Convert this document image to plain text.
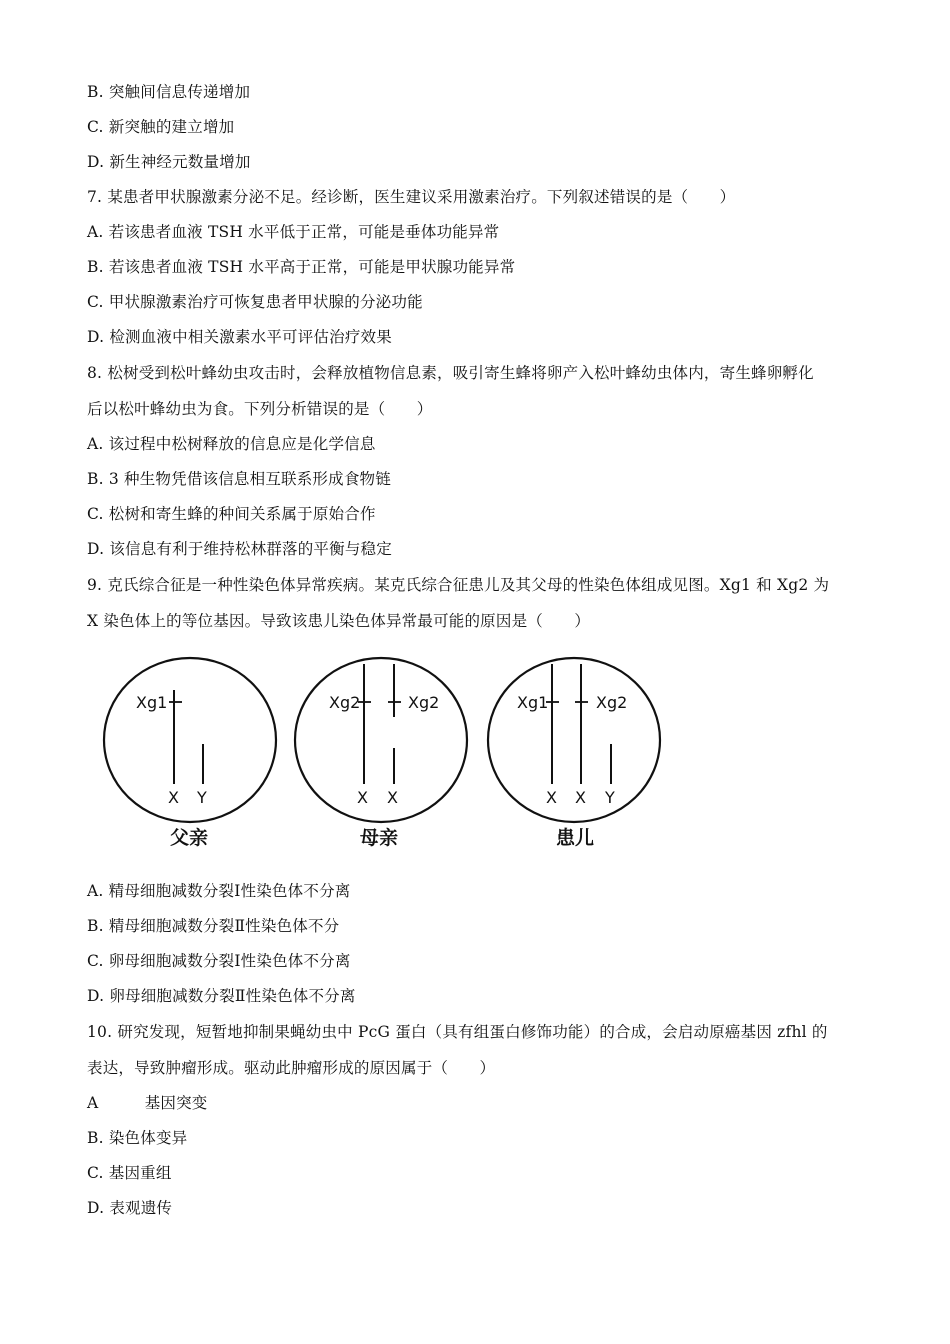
B. 突触间信息传递增加
C. 新突触的建立增加
D. 新生神经元数量增加
7. 某患者甲状腺激素分泌不足。经诊断，医生建议采用激素治疗。下列叙述错误的是（　　）
A. 若该患者血液 TSH 水平低于正常，可能是垂体功能异常
B. 若该患者血液 TSH 水平高于正常，可能是甲状腺功能异常
C. 甲状腺激素治疗可恢复患者甲状腺的分泌功能
D. 检测血液中相关激素水平可评估治疗效果
8. 松树受到松叶蜂幼虫攻击时，会释放植物信息素，吸引寄生蜂将卵产入松叶蜂幼虫体内，寄生蜂卵孵化
后以松叶蜂幼虫为食。下列分析错误的是（　　）
A. 该过程中松树释放的信息应是化学信息
B. 3 种生物凭借该信息相互联系形成食物链
C. 松树和寄生蜂的种间关系属于原始合作
D. 该信息有利于维持松林群落的平衡与稳定
9. 克氏综合征是一种性染色体异常疾病。某克氏综合征患儿及其父母的性染色体组成见图。Xg1 和 Xg2 为
X 染色体上的等位基因。导致该患儿染色体异常最可能的原因是（　　）
Xg1
X Y
父亲
Xg2	Xg2
X X
母亲
Xg1	Xg2
X X Y
患儿
A. 精母细胞减数分裂Ⅰ性染色体不分离
B. 精母细胞减数分裂Ⅱ性染色体不分
C. 卵母细胞减数分裂Ⅰ性染色体不分离
D. 卵母细胞减数分裂Ⅱ性染色体不分离
10. 研究发现，短暂地抑制果蝇幼虫中 PcG 蛋白（具有组蛋白修饰功能）的合成，会启动原癌基因 zfhl 的
表达，导致肿瘤形成。驱动此肿瘤形成的原因属于（　　）
A	基因突变
B. 染色体变异
C. 基因重组
D. 表观遗传
